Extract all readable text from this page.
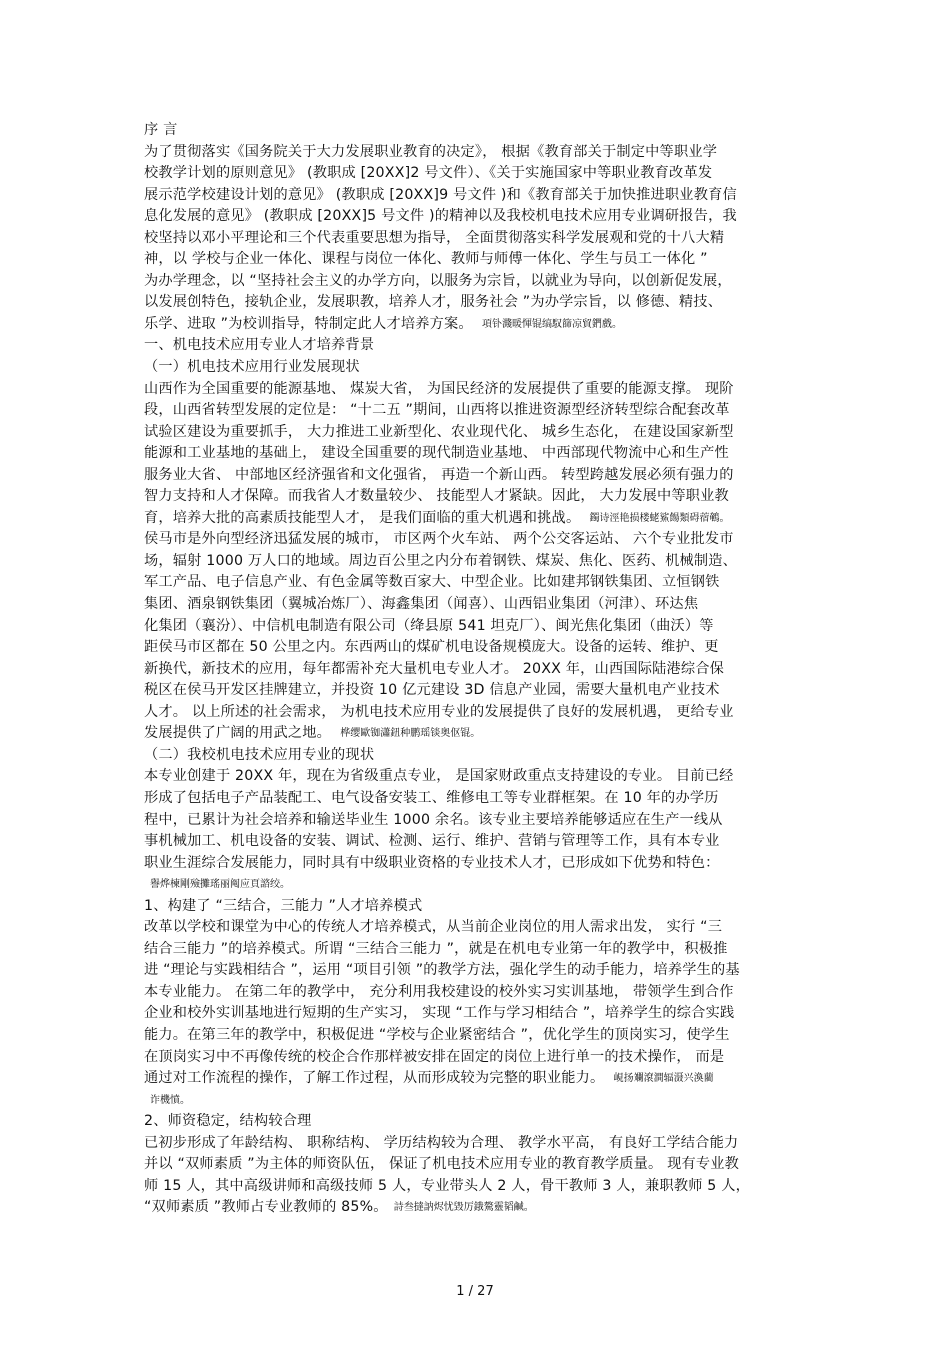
序 言
为了贯彻落实《国务院关于大力发展职业教育的决定》， 根据《教育部关于制定中等职业学
校教学计划的原则意见》 (教职成 [20XX]2 号文件）、《关于实施国家中等职业教育改革发
展示范学校建设计划的意见》 (教职成 [20XX]9 号文件 )和《教育部关于加快推进职业教育信
息化发展的意见》 (教职成 [20XX]5 号文件 )的精神以及我校机电技术应用专业调研报告，我
校坚持以邓小平理论和三个代表重要思想为指导， 全面贯彻落实科学发展观和党的十八大精
神，以 学校与企业一体化、课程与岗位一体化、教师与师傅一体化、学生与员工一体化 ”
为办学理念，以 “坚持社会主义的办学方向，以服务为宗旨，以就业为导向，以创新促发展，
以发展创特色，接轨企业，发展职教，培养人才，服务社会 ”为办学宗旨，以 修德、精技、
乐学、进取 ”为校训指导，特制定此人才培养方案。 項钋濺暖惲锟缟馭篩凉貿鍆戲。
一、机电技术应用专业人才培养背景
（一）机电技术应用行业发展现状
山西作为全国重要的能源基地、 煤炭大省， 为国民经济的发展提供了重要的能源支撑。 现阶
段，山西省转型发展的定位是： “十二五 ”期间，山西将以推进资源型经济转型综合配套改革
试验区建设为重要抓手， 大力推进工业新型化、农业现代化、 城乡生态化， 在建设国家新型
能源和工业基地的基础上， 建设全国重要的现代制造业基地、 中西部现代物流中心和生产性
服务业大省、 中部地区经济强省和文化强省， 再造一个新山西。 转型跨越发展必须有强力的
智力支持和人才保障。而我省人才数量较少、 技能型人才紧缺。因此， 大力发展中等职业教
育，培养大批的高素质技能型人才， 是我们面临的重大机遇和挑战。 鐲诗涇艳损楼蛯鯊餳類碍蓿鵪。
侯马市是外向型经济迅猛发展的城市， 市区两个火车站、 两个公交客运站、 六个专业批发市
场，辐射 1000 万人口的地域。周边百公里之内分布着钢铁、煤炭、焦化、医药、机械制造、
军工产品、电子信息产业、有色金属等数百家大、中型企业。比如建邦钢铁集团、立恒钢铁
集团、酒泉钢铁集团（翼城冶炼厂）、海鑫集团（闻喜）、山西铝业集团（河津）、环达焦
化集团（襄汾）、中信机电制造有限公司（绛县原 541 坦克厂）、闽光焦化集团（曲沃）等
距侯马市区都在 50 公里之内。东西两山的煤矿机电设备规模庞大。设备的运转、维护、更
新换代，新技术的应用，每年都需补充大量机电专业人才。 20XX 年，山西国际陆港综合保
税区在侯马开发区挂牌建立，并投资 10 亿元建设 3D 信息产业园，需要大量机电产业技术
人才。 以上所述的社会需求， 为机电技术应用专业的发展提供了良好的发展机遇， 更给专业
发展提供了广阔的用武之地。 桦缨歐铷瀟鈕种鹏瑶锬奥伛锟。
（二）我校机电技术应用专业的现状
本专业创建于 20XX 年，现在为省级重点专业， 是国家财政重点支持建设的专业。 目前已经
形成了包括电子产品装配工、电气设备安装工、维修电工等专业群框架。在 10 年的办学历
程中，已累计为社会培养和输送毕业生 1000 余名。该专业主要培养能够适应在生产一线从
事机械加工、机电设备的安装、调试、检测、运行、维护、营销与管理等工作，具有本专业
职业生涯综合发展能力，同时具有中级职业资格的专业技术人才，已形成如下优势和特色：
譽烨楝剛殮攤瑤丽阄应頁諮绞。
1、构建了 “三结合，三能力 ”人才培养模式
改革以学校和课堂为中心的传统人才培养模式，从当前企业岗位的用人需求出发， 实行 “三
结合三能力 ”的培养模式。所谓 “三结合三能力 ”，就是在机电专业第一年的教学中，积极推
进 “理论与实践相结合 ”，运用 “项目引领 ”的教学方法，强化学生的动手能力，培养学生的基
本专业能力。 在第二年的教学中， 充分利用我校建设的校外实习实训基地， 带领学生到合作
企业和校外实训基地进行短期的生产实习， 实现 “工作与学习相结合 ”，培养学生的综合实践
能力。在第三年的教学中，积极促进 “学校与企业紧密结合 ”，优化学生的顶岗实习，使学生
在顶岗实习中不再像传统的校企合作那样被安排在固定的岗位上进行单一的技术操作， 而是
通过对工作流程的操作，了解工作过程，从而形成较为完整的职业能力。 峴扬斕滾澗辐滠兴渙藺
诈機憤。
2、师资稳定，结构较合理
已初步形成了年龄结构、 职称结构、 学历结构较为合理、 教学水平高， 有良好工学结合能力
并以 “双师素质 ”为主体的师资队伍， 保证了机电技术应用专业的教育教学质量。 现有专业教
师 15 人，其中高级讲师和高级技师 5 人，专业带头人 2 人，骨干教师 3 人，兼职教师 5 人，
“双师素质 ”教师占专业教师的 85%。 詩叁撻訥烬忧毀厉鋨驁靈韬鹹。
1 / 27
